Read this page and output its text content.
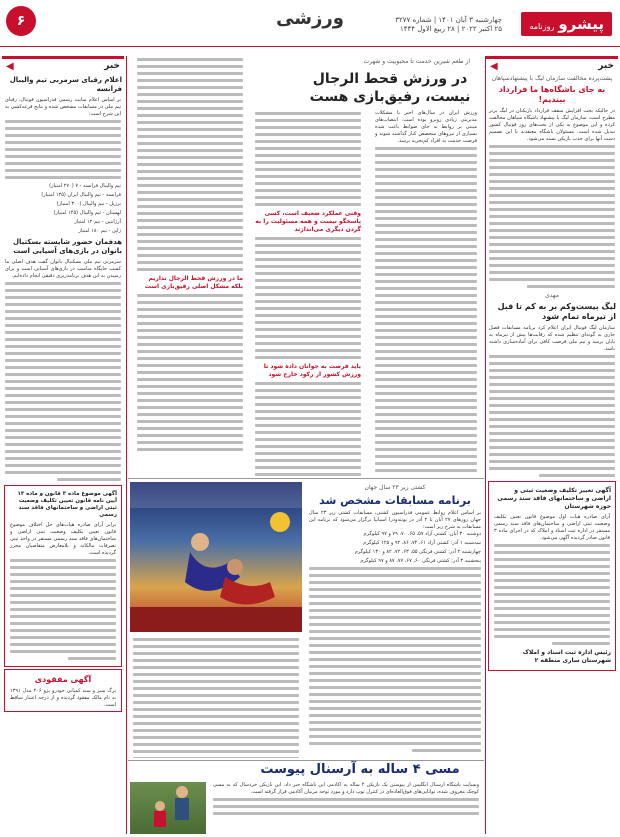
پیشروروزنامه
چهارشنبه ۳ آبان ۱۴۰۱ | شماره ۳۲۷۷
۲۵ اکتبر ۲۰۲۲ | ۲۸ ربیع الاول ۱۴۴۴
ورزشی
۶
خبر
◀
پشت‌پرده مخالفت سازمان لیگ با پیشنهادسپاهان
به جای باشگاه‌ها ما فرارداد ببندیم!

در حالیکه بحث افزایش سقف قرارداد بازیکنان در لیگ برتر مطرح است، سازمان لیگ با پیشنهاد باشگاه سپاهان مخالفت کرده و این موضوع به یکی از بحث‌های روز فوتبال کشور تبدیل شده است. مسئولان باشگاه معتقدند با این تصمیم دست آنها برای جذب بازیکن بسته می‌شود.

مهدی‌
لیگ بیست‌وکم بر به کم تا قبل از تیرماه تمام شود

سازمان لیگ فوتبال ایران اعلام کرد برنامه مسابقات فصل جاری به گونه‌ای تنظیم شده که رقابت‌ها پیش از تیرماه به پایان برسد و تیم ملی فرصت کافی برای آماده‌سازی داشته باشد.

آگهی تغییر تکلیف وضعیت ثبتی و اراضی و ساختمانهای فاقد سند رسمی حوزه شهرستان
آرای صادره هیات اول موضوع قانون تعیین تکلیف وضعیت ثبتی اراضی و ساختمان‌های فاقد سند رسمی مستقر در اداره ثبت اسناد و املاک که در اجرای ماده ۳ قانون صادر گردیده آگهی می‌شود.
رئیس اداره ثبت اسناد و املاک شهرستان ساری منطقه ۲
از طعم شیرین خدمت تا محبوبیت و شهرت
در ورزش قحط الرجال نیست، رفیق‌بازی هست
ورزش ایران در سال‌های اخیر با مشکلات مدیریتی زیادی روبرو بوده است. انتصاب‌های مبتنی بر روابط به جای ضوابط باعث شده بسیاری از نیروهای متخصص کنار گذاشته شوند و فرصت خدمت به افراد کم‌تجربه برسد.
وقتی عملکرد ضعیف است، کسی پاسخگو نیست و همه مسئولیت را به گردن دیگری می‌اندازند
باید فرصت به جوانان داده شود تا ورزش کشور از رکود خارج شود
ما در ورزش قحط الرجال نداریم بلکه مشکل اصلی رفیق‌بازی است
کشتی زیر ۲۳ سال جهان
برنامه مسابقات مشخص شد
بر اساس اعلام روابط عمومی فدراسیون کشتی، مسابقات کشتی زیر ۲۳ سال جهان روزهای ۲۷ آبان تا ۲ آذر در پونته‌ودرا اسپانیا برگزار می‌شود که برنامه این مسابقات به شرح زیر است:

دوشنبه ۳۰ آبان: کشتی آزاد ۵۷، ۶۵، ۷۰، ۷۹ و ۹۷ کیلوگرم

سه‌شنبه ۱ آذر: کشتی آزاد ۶۱، ۷۴، ۸۶، ۹۲ و ۱۲۵ کیلوگرم

چهارشنبه ۲ آذر: کشتی فرنگی ۵۵، ۶۳، ۷۲، ۸۲ و ۱۳۰ کیلوگرم

پنجشنبه ۳ آذر: کشتی فرنگی ۶۰، ۶۷، ۷۷، ۸۷ و ۹۷ کیلوگرم

مسی ۴ ساله به آرسنال پیوست
وبسایت باشگاه آرسنال انگلیس از پیوستن یک بازیکن ۴ ساله به آکادمی این باشگاه خبر داد. این بازیکن خردسال که به مسی کوچک معروف شده، توانایی‌های فوق‌العاده‌ای در کنترل توپ دارد و مورد توجه مربیان آکادمی قرار گرفته است.
خبر
◀
اعلام رقبای سرمربی تیم والیبال فرانسه
بر اساس اعلام سایت رسمی فدراسیون فوتبال، رقبای تیم ملی در مسابقات مشخص شده و نتایج قرعه‌کشی به این شرح است:

تیم والیبال فرانسه - ۷ (۲۷۰ امتیاز)

فرانسه - تیم والیبال ایران (۱۳۵ امتیاز)

برزیل - تیم والیبال (۳۰۰ امتیاز)

لهستان - تیم والیبال (۱۴۵ امتیاز)

آرژانتین - تیم ۱۲ امتیاز

ژاپن - تیم ۱۸۰ امتیاز

هدفمان حضور شایسته بسکتبال بانوان در بازی‌های آسیایی است
سرمربی تیم ملی بسکتبال بانوان گفت هدف اصلی ما کسب جایگاه مناسب در بازی‌های آسیایی است و برای رسیدن به این هدف برنامه‌ریزی دقیقی انجام داده‌ایم.
آگهی موضوع ماده ۳ قانون و ماده ۱۳ آیین نامه قانون تعیین تکلیف وضعیت ثبتی اراضی و ساختمانهای فاقد سند رسمی
برابر آرای صادره هیات‌های حل اختلاف موضوع قانون تعیین تکلیف وضعیت ثبتی اراضی و ساختمان‌های فاقد سند رسمی مستقر در واحد ثبتی تصرفات مالکانه و بلامعارض متقاضیان محرز گردیده است.
آگهی مفقودی
برگ سبز و سند کمپانی خودرو پژو ۲۰۶ مدل ۱۳۹۱ به نام مالک مفقود گردیده و از درجه اعتبار ساقط است.
